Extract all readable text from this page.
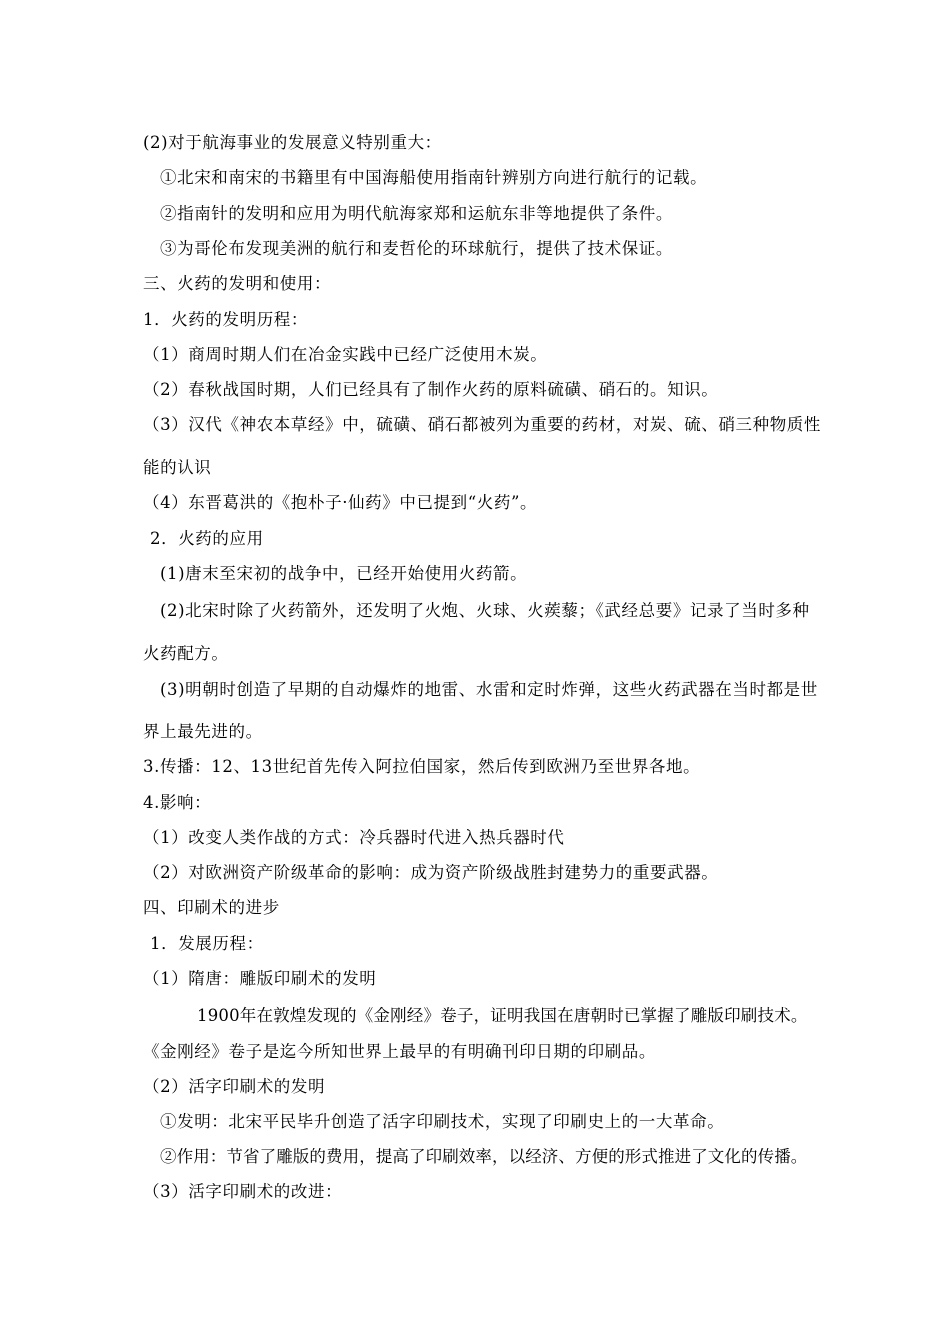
(2)对于航海事业的发展意义特别重大：
①北宋和南宋的书籍里有中国海船使用指南针辨别方向进行航行的记载。
②指南针的发明和应用为明代航海家郑和运航东非等地提供了条件。
③为哥伦布发现美洲的航行和麦哲伦的环球航行，提供了技术保证。
三、火药的发明和使用：
1．火药的发明历程：
（1）商周时期人们在冶金实践中已经广泛使用木炭。
（2）春秋战国时期，人们已经具有了制作火药的原料硫磺、硝石的。知识。
（3）汉代《神农本草经》中，硫磺、硝石都被列为重要的药材，对炭、硫、硝三种物质性
能的认识
（4）东晋葛洪的《抱朴子·仙药》中已提到“火药”。
2．火药的应用
(1)唐末至宋初的战争中，已经开始使用火药箭。
(2)北宋时除了火药箭外，还发明了火炮、火球、火蒺藜；《武经总要》记录了当时多种
火药配方。
(3)明朝时创造了早期的自动爆炸的地雷、水雷和定时炸弹，这些火药武器在当时都是世
界上最先进的。
3.传播：12、13世纪首先传入阿拉伯国家，然后传到欧洲乃至世界各地。
4.影响：
（1）改变人类作战的方式：冷兵器时代进入热兵器时代
（2）对欧洲资产阶级革命的影响：成为资产阶级战胜封建势力的重要武器。
四、印刷术的进步
1．发展历程：
（1）隋唐：雕版印刷术的发明
1900年在敦煌发现的《金刚经》卷子，证明我国在唐朝时已掌握了雕版印刷技术。
《金刚经》卷子是迄今所知世界上最早的有明确刊印日期的印刷品。
（2）活字印刷术的发明
①发明：北宋平民毕升创造了活字印刷技术，实现了印刷史上的一大革命。
②作用：节省了雕版的费用，提高了印刷效率，以经济、方便的形式推进了文化的传播。
（3）活字印刷术的改进：
